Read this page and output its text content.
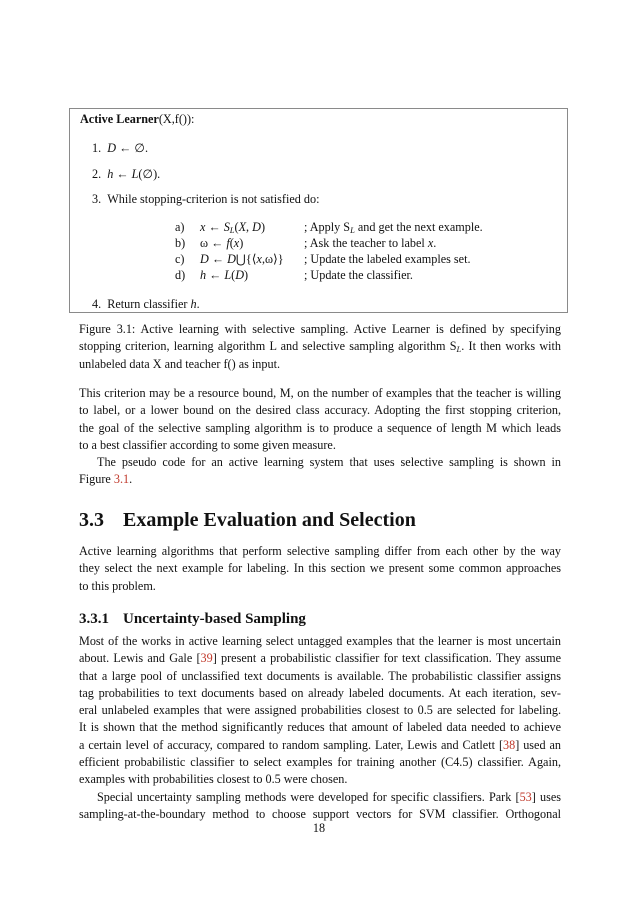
Active Learner(X,f()):
1. D ← ∅.
2. h ← L(∅).
3. While stopping-criterion is not satisfied do:
a)	x ← $S_L(X$, D)	; Apply $S_L$ and get the next example.
b)	ω ← f(x)	; Ask the teacher to label x.
c)	D ← D⋃{⟨x,ω⟩} ; Update the labeled examples set.
d)	h ← L(D)	; Update the classifier.
4. Return classifier h.
Figure 3.1: Active learning with selective sampling. Active Learner is defined by specifying
stopping criterion, learning algorithm L and selective sampling algorithm $S_L$. It then works with
unlabeled data X and teacher f() as input.
This criterion may be a resource bound, M, on the number of examples that the teacher is willing
to label, or a lower bound on the desired class accuracy. Adopting the first stopping criterion,
the goal of the selective sampling algorithm is to produce a sequence of length M which leads
to a best classifier according to some given measure.
The pseudo code for an active learning system that uses selective sampling is shown in
Figure 3.1.
3.3 Example Evaluation and Selection
Active learning algorithms that perform selective sampling differ from each other by the way
they select the next example for labeling. In this section we present some common approaches
to this problem.
3.3.1 Uncertainty-based Sampling
Most of the works in active learning select untagged examples that the learner is most uncertain
about. Lewis and Gale [39] present a probabilistic classifier for text classification. They assume
that a large pool of unclassified text documents is available. The probabilistic classifier assigns
tag probabilities to text documents based on already labeled documents. At each iteration, sev-
eral unlabeled examples that were assigned probabilities closest to 0.5 are selected for labeling.
It is shown that the method significantly reduces that amount of labeled data needed to achieve
a certain level of accuracy, compared to random sampling. Later, Lewis and Catlett [38] used an
efficient probabilistic classifier to select examples for training another (C4.5) classifier. Again,
examples with probabilities closest to 0.5 were chosen.
Special uncertainty sampling methods were developed for specific classifiers. Park [53] uses
sampling-at-the-boundary method to choose support vectors for SVM classifier. Orthogonal
18
